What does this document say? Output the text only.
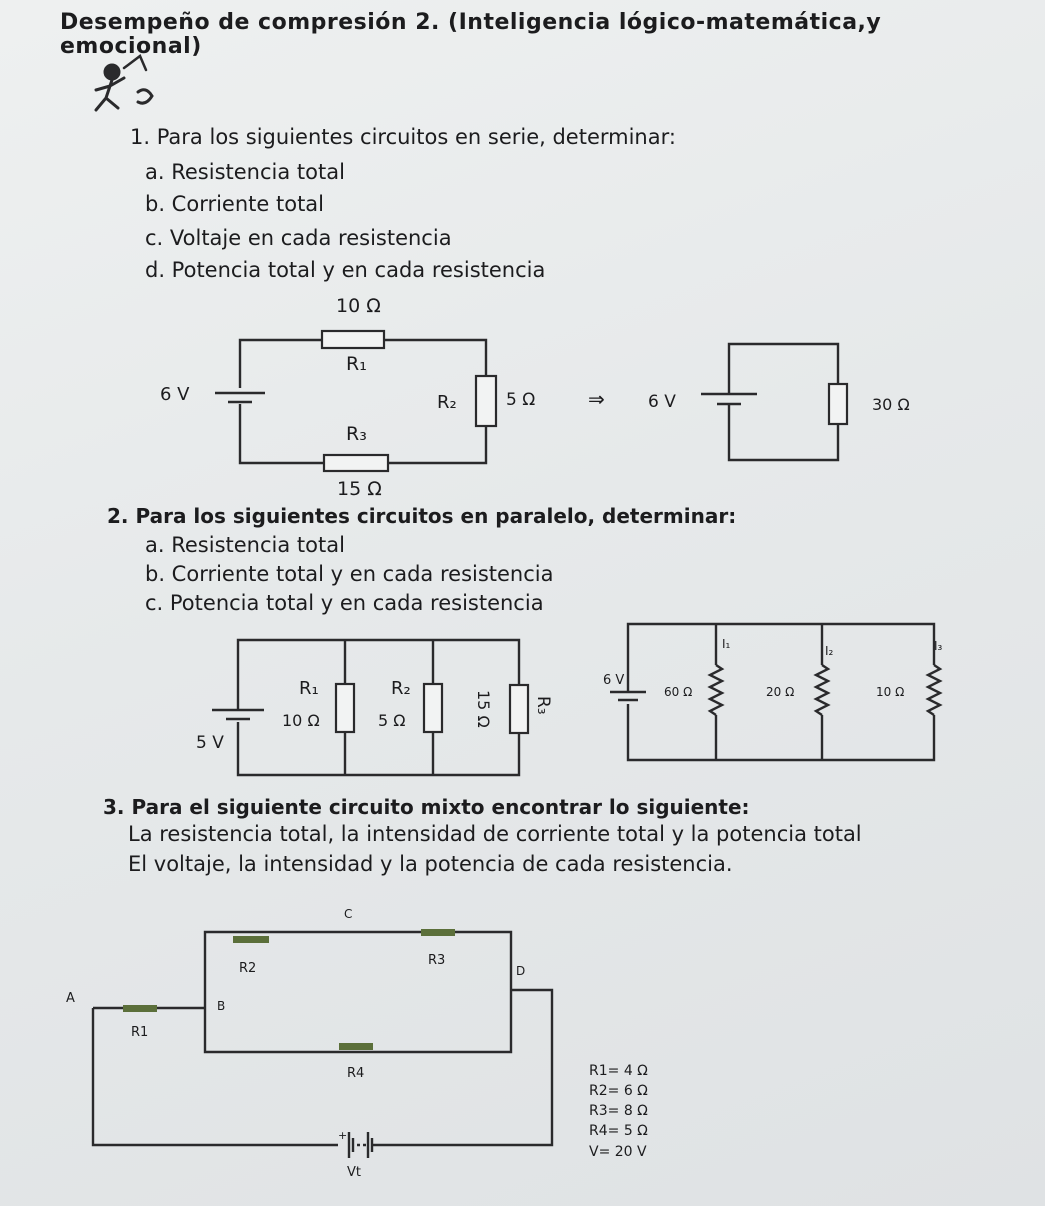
Desempeño de compresión 2. (Inteligencia lógico-matemática,y
emocional)
1. Para los siguientes circuitos en serie, determinar:
a. Resistencia total
b. Corriente total
c. Voltaje en cada resistencia
d. Potencia total y en cada resistencia
2. Para los siguientes circuitos en paralelo, determinar:
a. Resistencia total
b. Corriente total y en cada resistencia
c. Potencia total y en cada resistencia
3. Para el siguiente circuito mixto encontrar lo siguiente:
La resistencia total, la intensidad de corriente total y la potencia total
El voltaje, la intensidad y la potencia de cada resistencia.
6 V
10 Ω
R₁
R₂	5 Ω
R₃
15 Ω
⇒	6 V	30 Ω
5 V
R₁
10 Ω
R₂
5 Ω	15 Ω R₃
6 V
I₁	I₂	I₃
60 Ω	20 Ω	10 Ω
+
C
D
A	B
R2
R3
R1
R4
Vt
R1= 4 Ω
R2= 6 Ω
R3= 8 Ω
R4= 5 Ω
V= 20 V
